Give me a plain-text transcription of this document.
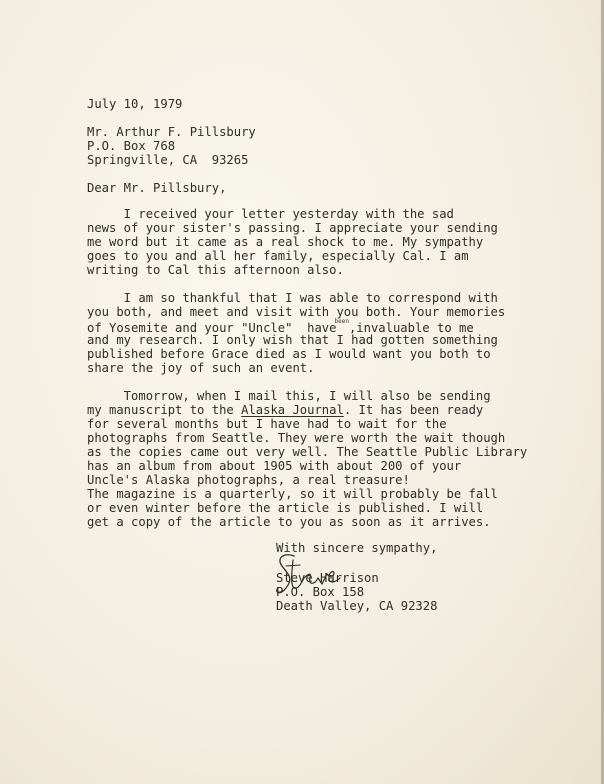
July 10, 1979
Mr. Arthur F. Pillsbury
P.O. Box 768
Springville, CA  93265
Dear Mr. Pillsbury,
I received your letter yesterday with the sad
news of your sister's passing. I appreciate your sending
me word but it came as a real shock to me. My sympathy
goes to you and all her family, especially Cal. I am
writing to Cal this afternoon also.
I am so thankful that I was able to correspond with
you both, and meet and visit with you both. Your memories
of Yosemite and your "Uncle"  have$^{been}$,invaluable to me
and my research. I only wish that I had gotten something
published before Grace died as I would want you both to
share the joy of such an event.
Tomorrow, when I mail this, I will also be sending
my manuscript to the Alaska Journal. It has been ready
for several months but I have had to wait for the
photographs from Seattle. They were worth the wait though
as the copies came out very well. The Seattle Public Library
has an album from about 1905 with about 200 of your
Uncle's Alaska photographs, a real treasure!
The magazine is a quarterly, so it will probably be fall
or even winter before the article is published. I will
get a copy of the article to you as soon as it arrives.
With sincere sympathy,
Steve Harrison
P.O. Box 158
Death Valley, CA 92328
